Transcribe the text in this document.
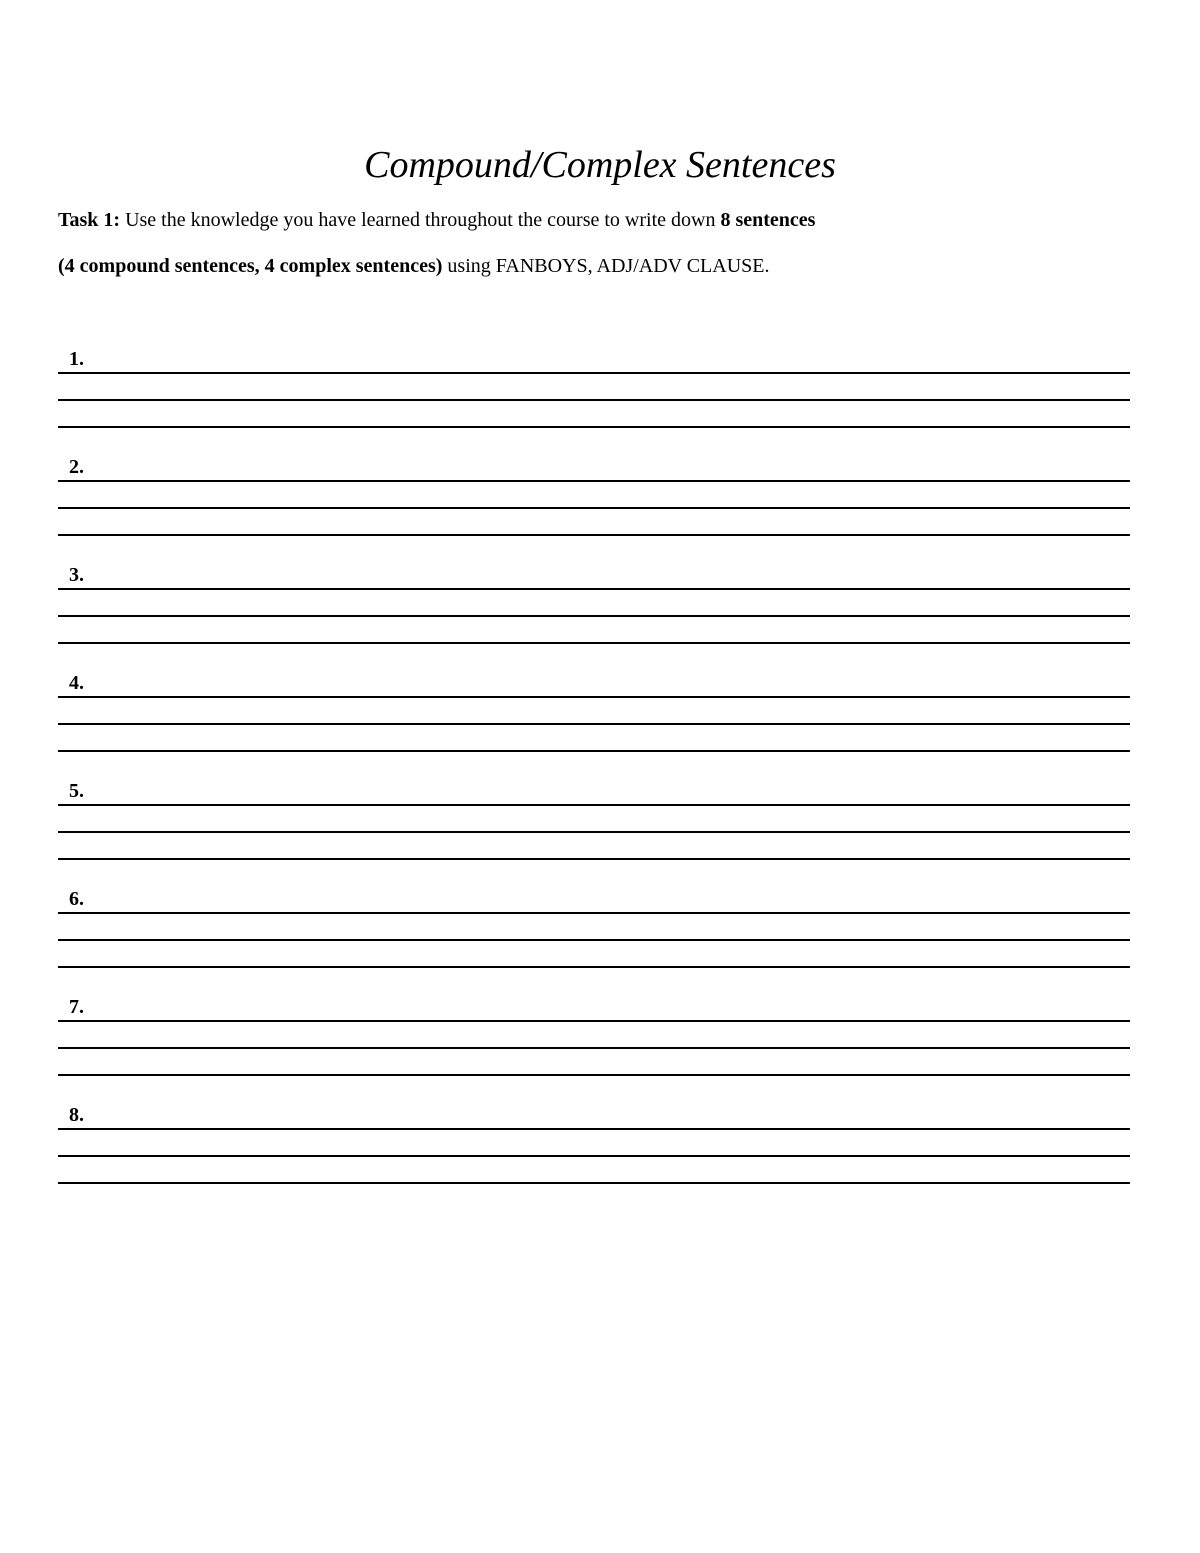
Compound/Complex Sentences
Task 1: Use the knowledge you have learned throughout the course to write down 8 sentences
(4 compound sentences, 4 complex sentences) using FANBOYS, ADJ/ADV CLAUSE.
1.
2.
3.
4.
5.
6.
7.
8.
